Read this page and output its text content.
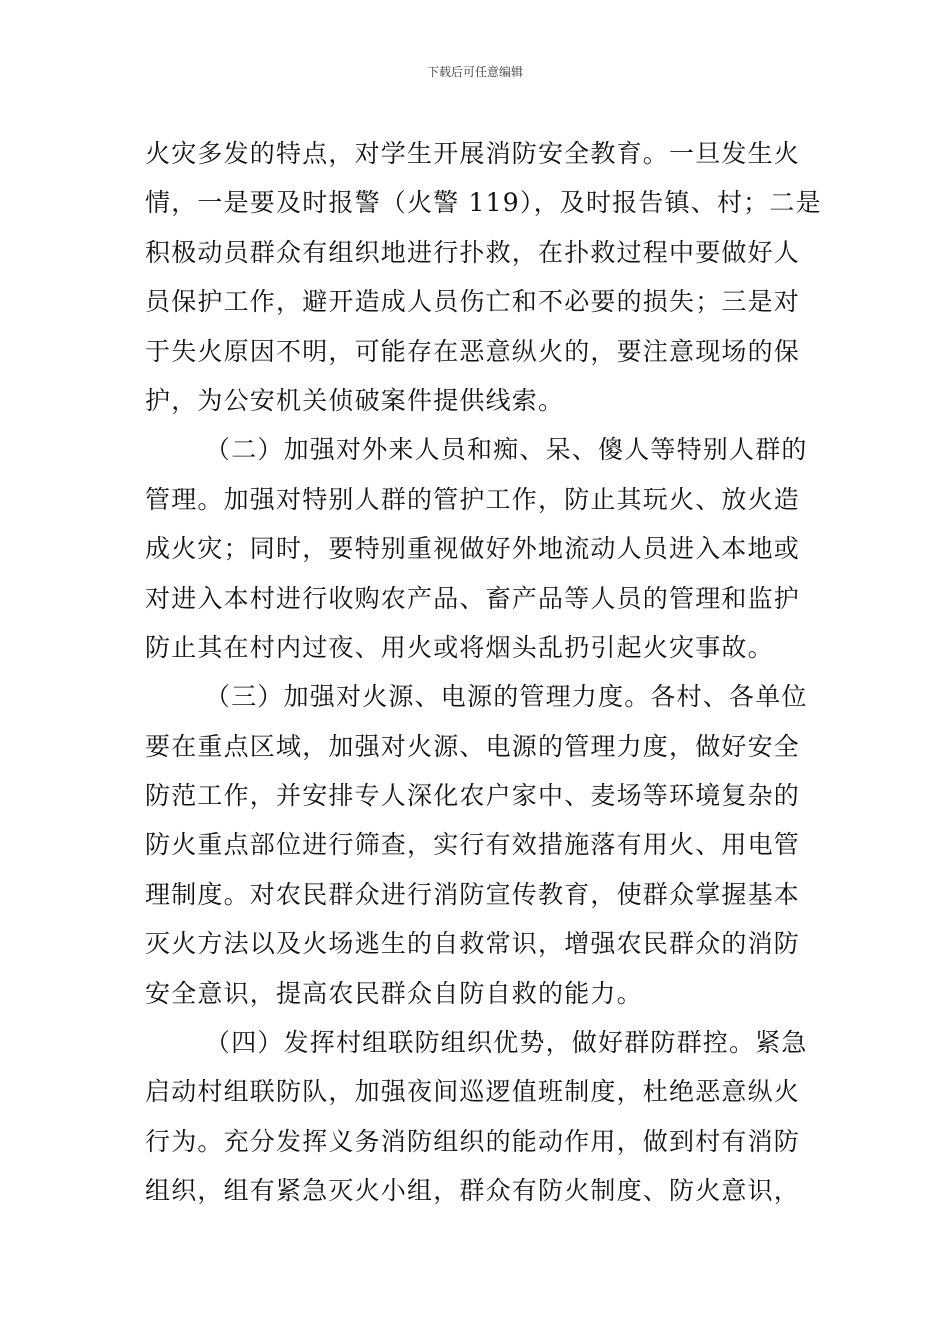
下载后可任意编辑
火灾多发的特点，对学生开展消防安全教育。一旦发生火
情，一是要及时报警（火警 119），及时报告镇、村；二是
积极动员群众有组织地进行扑救，在扑救过程中要做好人
员保护工作，避开造成人员伤亡和不必要的损失；三是对
于失火原因不明，可能存在恶意纵火的，要注意现场的保
护，为公安机关侦破案件提供线索。
（二）加强对外来人员和痴、呆、傻人等特别人群的
管理。加强对特别人群的管护工作，防止其玩火、放火造
成火灾；同时，要特别重视做好外地流动人员进入本地或
对进入本村进行收购农产品、畜产品等人员的管理和监护
防止其在村内过夜、用火或将烟头乱扔引起火灾事故。
（三）加强对火源、电源的管理力度。各村、各单位
要在重点区域，加强对火源、电源的管理力度，做好安全
防范工作，并安排专人深化农户家中、麦场等环境复杂的
防火重点部位进行筛查，实行有效措施落有用火、用电管
理制度。对农民群众进行消防宣传教育，使群众掌握基本
灭火方法以及火场逃生的自救常识，增强农民群众的消防
安全意识，提高农民群众自防自救的能力。
（四）发挥村组联防组织优势，做好群防群控。紧急
启动村组联防队，加强夜间巡逻值班制度，杜绝恶意纵火
行为。充分发挥义务消防组织的能动作用，做到村有消防
组织，组有紧急灭火小组，群众有防火制度、防火意识，
